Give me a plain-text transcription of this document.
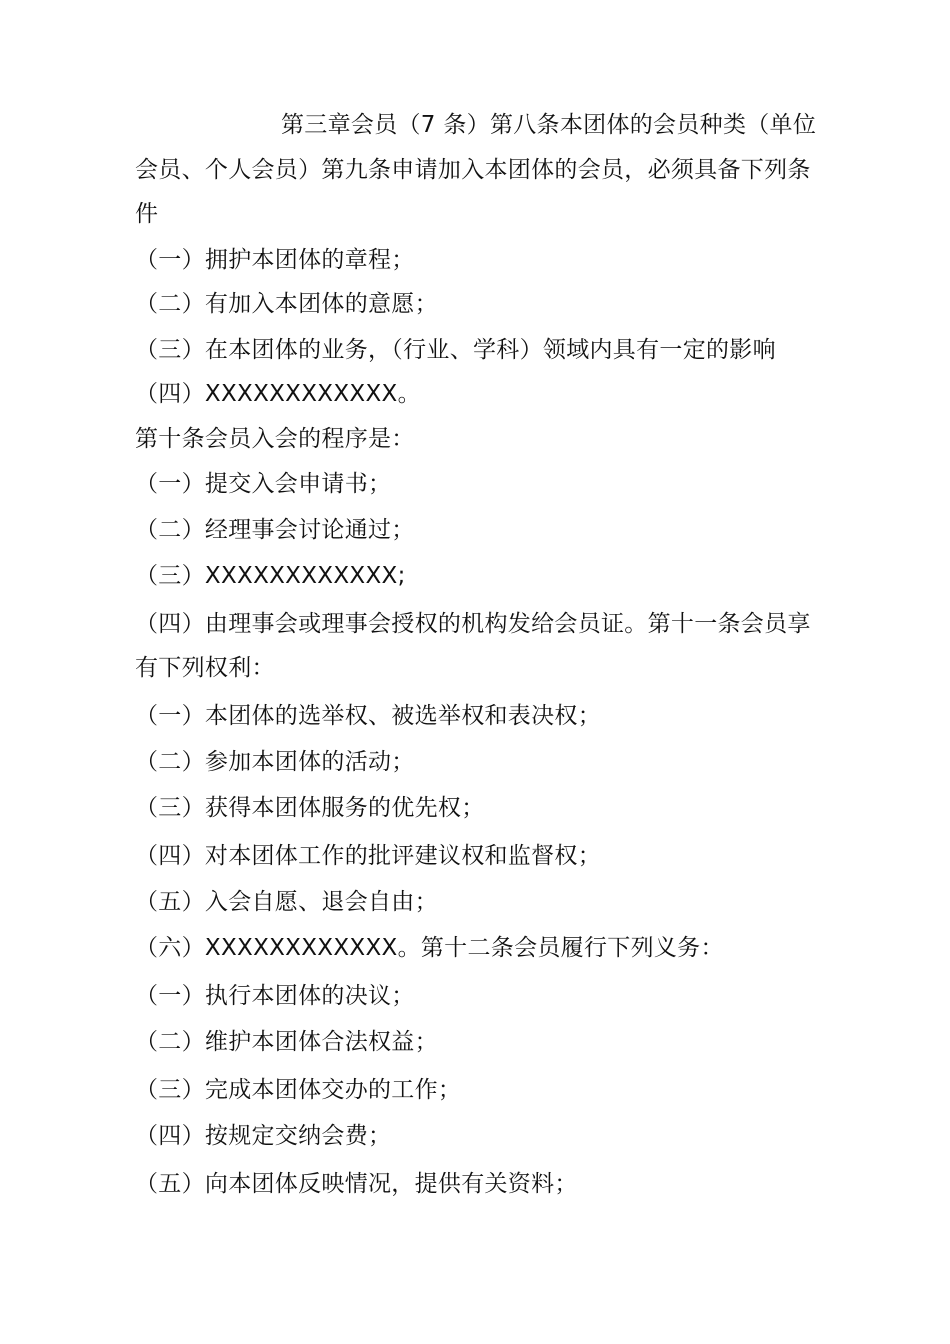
第三章会员（7 条）第八条本团体的会员种类（单位
会员、个人会员）第九条申请加入本团体的会员，必须具备下列条
件
（一）拥护本团体的章程；
（二）有加入本团体的意愿；
（三）在本团体的业务，（行业、学科）领域内具有一定的影响
（四）XXXXXXXXXXXX。
第十条会员入会的程序是：
（一）提交入会申请书；
（二）经理事会讨论通过；
（三）XXXXXXXXXXXX;
（四）由理事会或理事会授权的机构发给会员证。第十一条会员享
有下列权利：
（一）本团体的选举权、被选举权和表决权；
（二）参加本团体的活动；
（三）获得本团体服务的优先权；
（四）对本团体工作的批评建议权和监督权；
（五）入会自愿、退会自由；
（六）XXXXXXXXXXXX。第十二条会员履行下列义务：
（一）执行本团体的决议；
（二）维护本团体合法权益；
（三）完成本团体交办的工作；
（四）按规定交纳会费；
（五）向本团体反映情况，提供有关资料；
